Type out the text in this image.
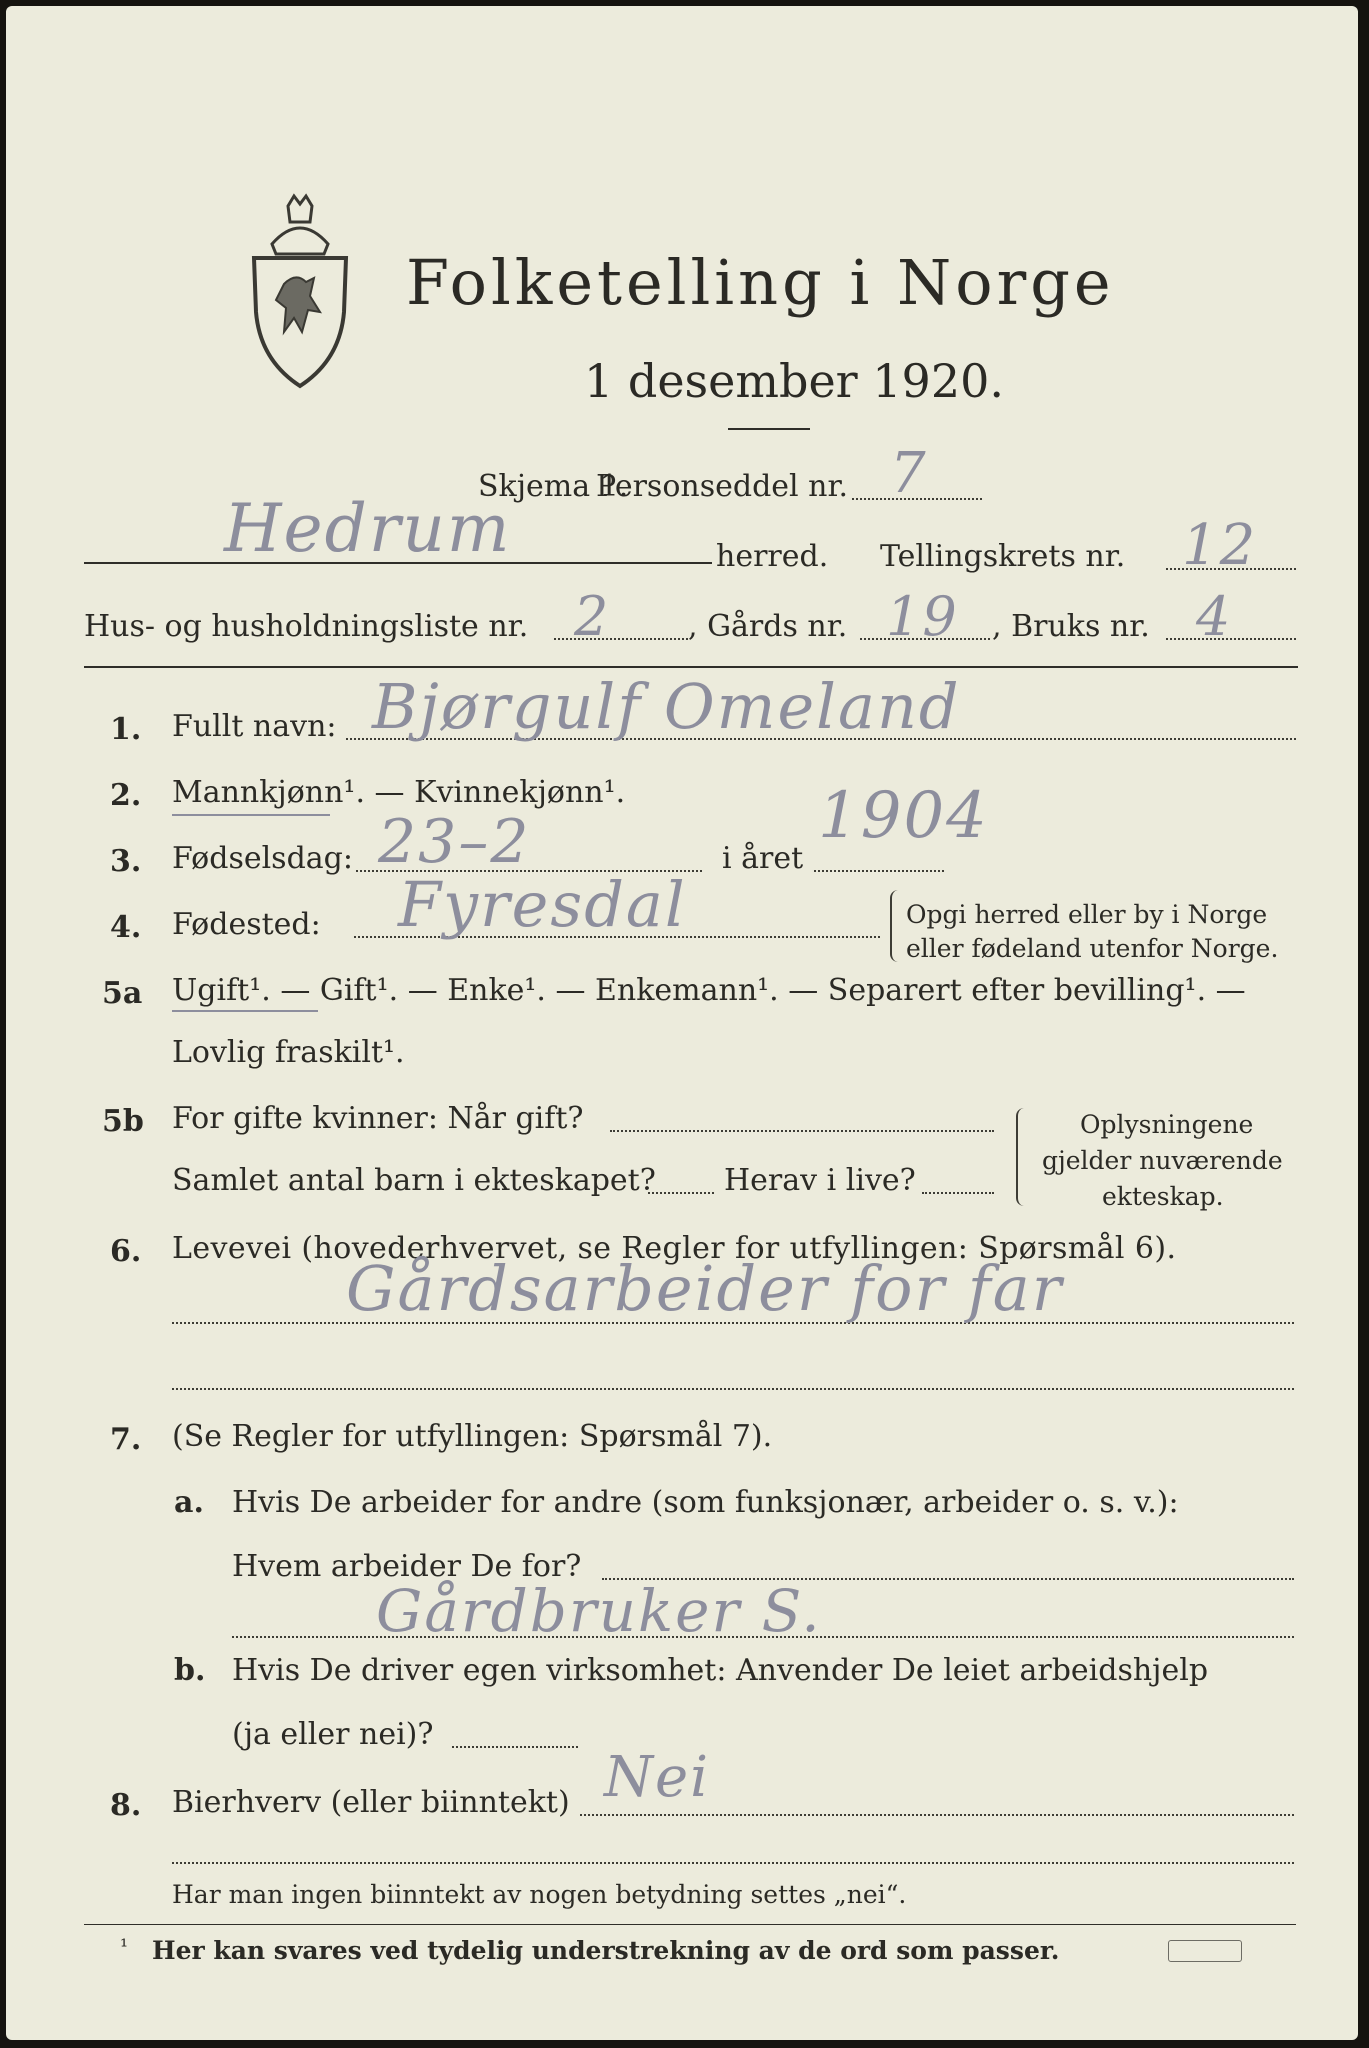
Folketelling i Norge
1 desember 1920.
Skjema 1.
Personseddel nr. 7
Hedrum	herred. Tellingskrets nr. 12
Hus- og husholdningsliste nr. 2	, Gårds nr. 19 , Bruks nr. 4
1. Fullt navn: Bjørgulf Omeland
2. Mannkjønn¹. — Kvinnekjønn¹.
3. Fødselsdag: 23–2	i året
1904
4. Fødested: Fyresdal	Opgi herred eller by i Norge
eller fødeland utenfor Norge.
5a Ugift¹. — Gift¹. — Enke¹. — Enkemann¹. — Separert efter bevilling¹. —
Lovlig fraskilt¹.
5b For gifte kvinner: Når gift?
Samlet antal barn i ekteskapet? Herav i live?
Oplysningene
gjelder nuværende
ekteskap.
6. Levevei (hovederhvervet, se Regler for utfyllingen: Spørsmål 6).
Gårdsarbeider for far
7. (Se Regler for utfyllingen: Spørsmål 7).
a. Hvis De arbeider for andre (som funksjonær, arbeider o. s. v.):
Hvem arbeider De for?
Gårdbruker S.
b. Hvis De driver egen virksomhet: Anvender De leiet arbeidshjelp
(ja eller nei)?
8. Bierhverv (eller biinntekt) Nei
Har man ingen biinntekt av nogen betydning settes „nei“.
¹ Her kan svares ved tydelig understrekning av de ord som passer.
